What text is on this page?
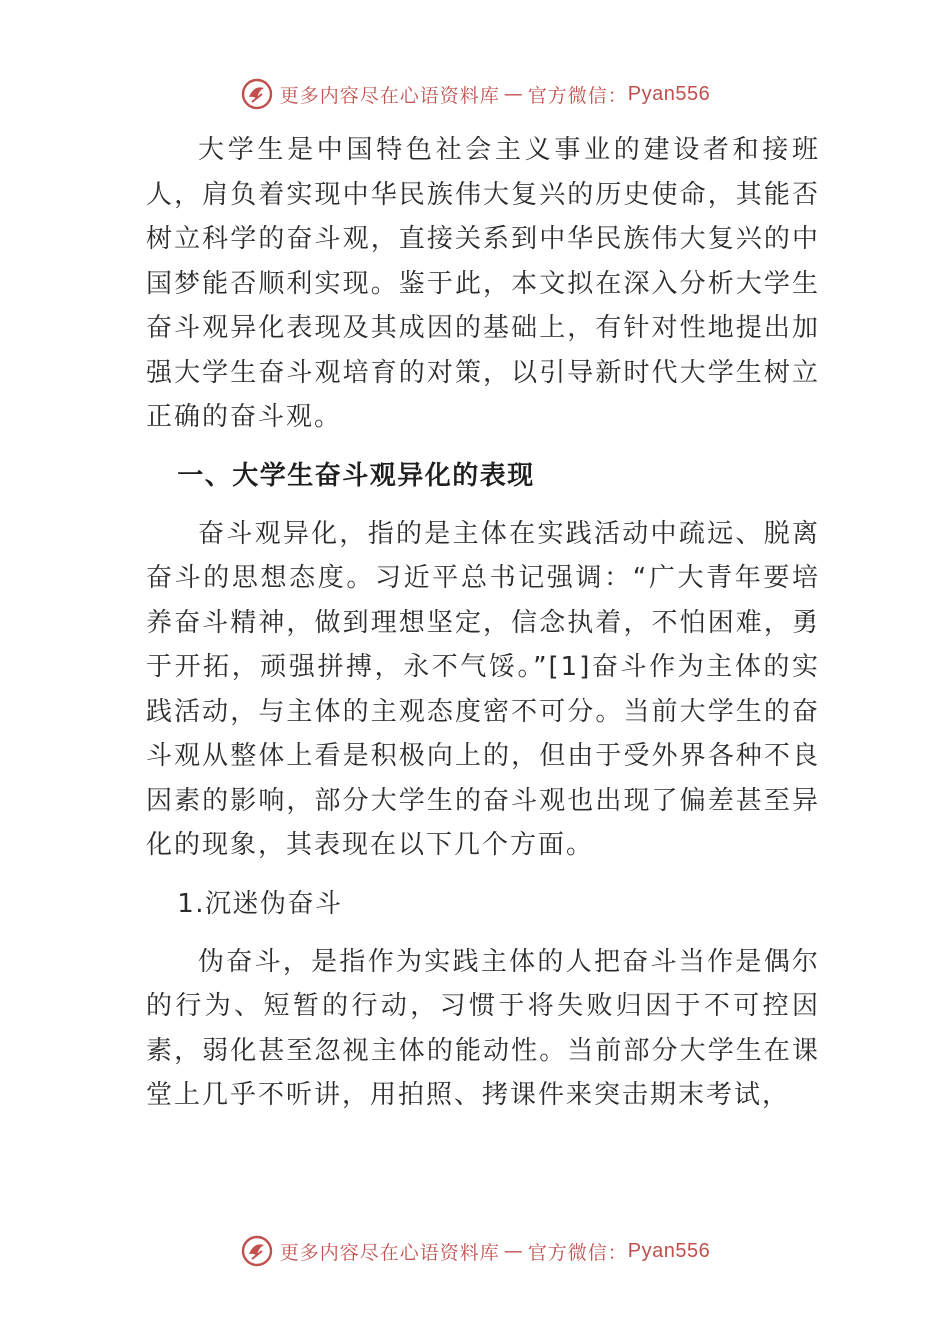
更多内容尽在心语资料库 — 官方微信： Pyan556

大学生是中国特色社会主义事业的建设者和接班人，肩负着实现中华民族伟大复兴的历史使命，其能否树立科学的奋斗观，直接关系到中华民族伟大复兴的中国梦能否顺利实现。鉴于此，本文拟在深入分析大学生奋斗观异化表现及其成因的基础上，有针对性地提出加强大学生奋斗观培育的对策，以引导新时代大学生树立正确的奋斗观。

一、大学生奋斗观异化的表现

奋斗观异化，指的是主体在实践活动中疏远、脱离奋斗的思想态度。习近平总书记强调：“广大青年要培养奋斗精神，做到理想坚定，信念执着，不怕困难，勇于开拓，顽强拼搏，永不气馁。”[1]奋斗作为主体的实践活动，与主体的主观态度密不可分。当前大学生的奋斗观从整体上看是积极向上的，但由于受外界各种不良因素的影响，部分大学生的奋斗观也出现了偏差甚至异化的现象，其表现在以下几个方面。

1.沉迷伪奋斗

伪奋斗，是指作为实践主体的人把奋斗当作是偶尔的行为、短暂的行动，习惯于将失败归因于不可控因素，弱化甚至忽视主体的能动性。当前部分大学生在课堂上几乎不听讲，用拍照、拷课件来突击期末考试，

更多内容尽在心语资料库 — 官方微信： Pyan556
